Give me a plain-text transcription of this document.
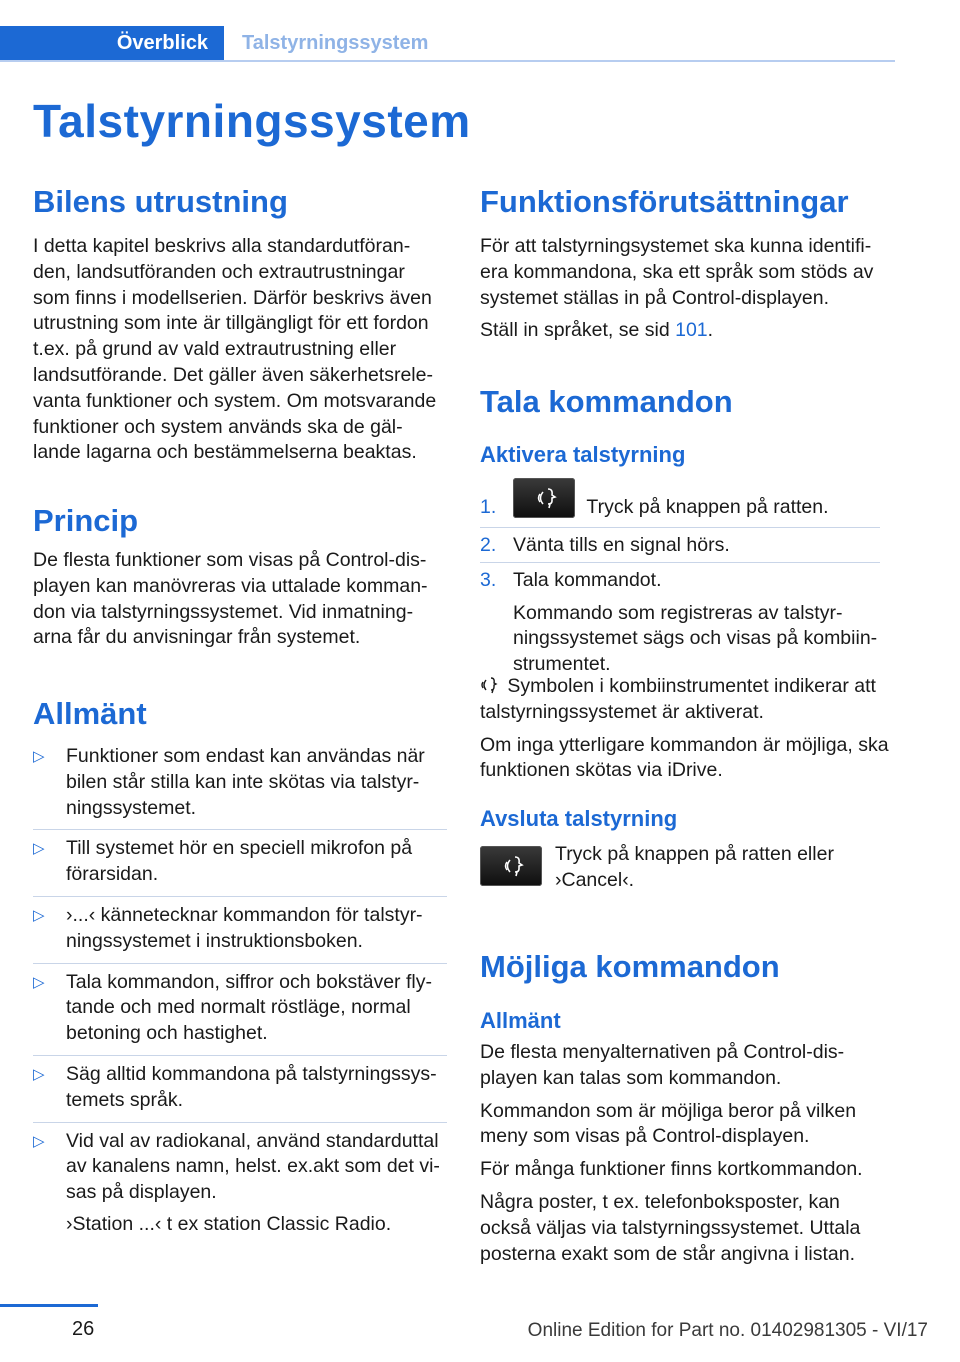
Överblick	Talstyrningssystem
Talstyrningssystem
Bilens utrustning
I detta kapitel beskrivs alla standardutföran‐
den, landsutföranden och extrautrustningar
som finns i modellserien. Därför beskrivs även
utrustning som inte är tillgängligt för ett fordon
t.ex. på grund av vald extrautrustning eller
landsutförande. Det gäller även säkerhetsrele‐
vanta funktioner och system. Om motsvarande
funktioner och system används ska de gäl‐
lande lagarna och bestämmelserna beaktas.
Princip
De flesta funktioner som visas på Control-dis‐
playen kan manövreras via uttalade komman‐
don via talstyrningssystemet. Vid inmatning‐
arna får du anvisningar från systemet.
Allmänt
▷ Funktioner som endast kan användas när
bilen står stilla kan inte skötas via talstyr‐
ningssystemet.
▷ Till systemet hör en speciell mikrofon på
förarsidan.
▷ ›...‹ kännetecknar kommandon för talstyr‐
ningssystemet i instruktionsboken.
▷ Tala kommandon, siffror och bokstäver fly‐
tande och med normalt röstläge, normal
betoning och hastighet.
▷ Säg alltid kommandona på talstyrningssys‐
temets språk.
▷ Vid val av radiokanal, använd standarduttal
av kanalens namn, helst. ex.akt som det vi‐
sas på displayen.
›Station ...‹ t ex station Classic Radio.
Funktionsförutsättningar
För att talstyrningsystemet ska kunna identifi‐
era kommandona, ska ett språk som stöds av
systemet ställas in på Control-displayen.
Ställ in språket, se sid 101.
Tala kommandon
Aktivera talstyrning
1.	Tryck på knappen på ratten.
2. Vänta tills en signal hörs.
3. Tala kommandot.
Kommando som registreras av talstyr‐
ningssystemet sägs och visas på kombiin‐
strumentet.
Symbolen i kombiinstrumentet indikerar att
talstyrningssystemet är aktiverat.
Om inga ytterligare kommandon är möjliga, ska
funktionen skötas via iDrive.
Avsluta talstyrning
Tryck på knappen på ratten eller
›Cancel‹.
Möjliga kommandon
Allmänt
De flesta menyalternativen på Control-dis‐
playen kan talas som kommandon.
Kommandon som är möjliga beror på vilken
meny som visas på Control-displayen.
För många funktioner finns kortkommandon.
Några poster, t ex. telefonboksposter, kan
också väljas via talstyrningssystemet. Uttala
posterna exakt som de står angivna i listan.
26	Online Edition for Part no. 01402981305 - VI/17
